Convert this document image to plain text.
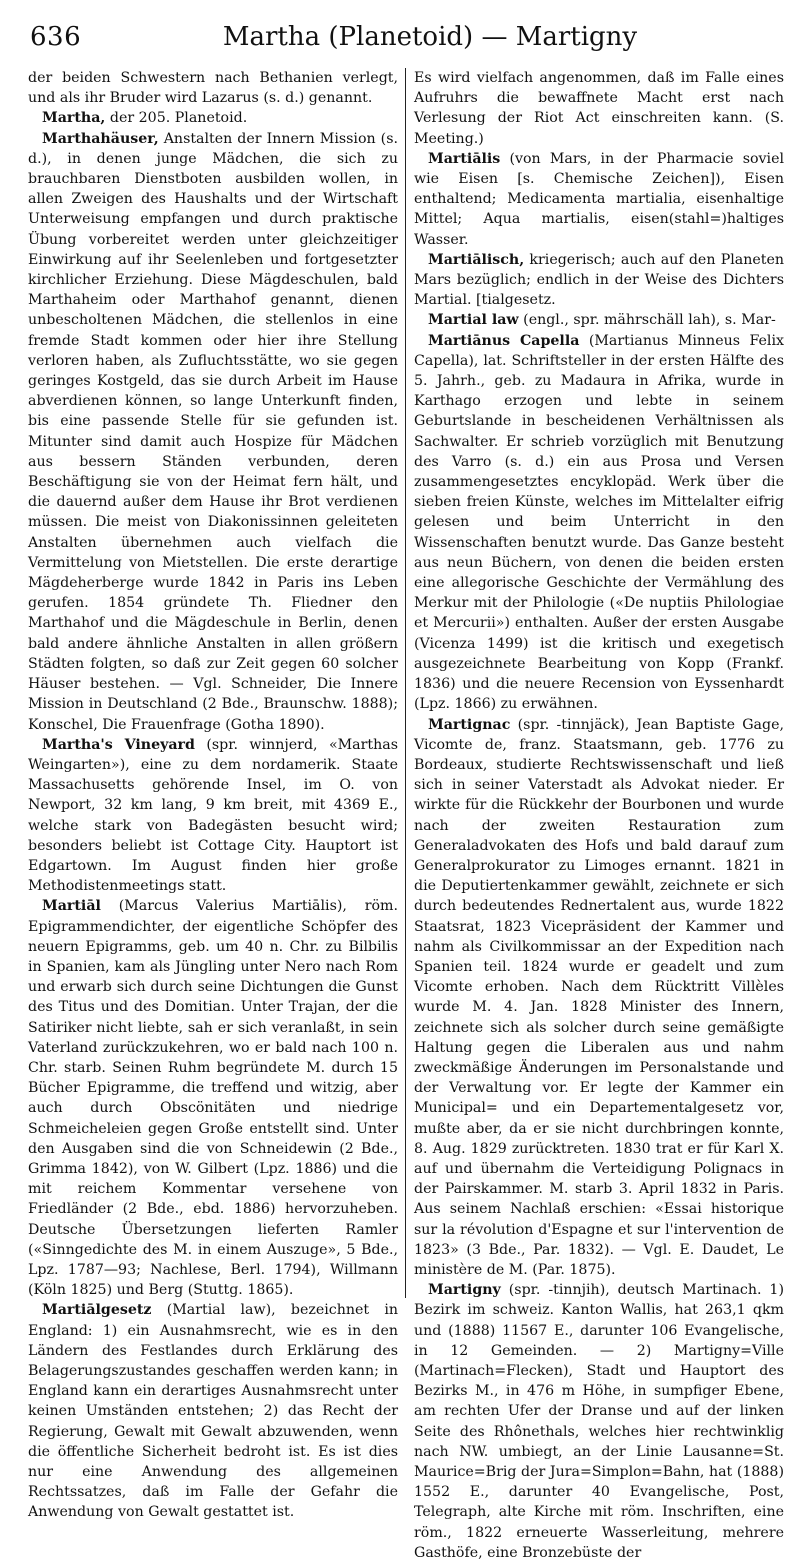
636	Martha (Planetoid) — Martigny

der beiden Schwestern nach Bethanien verlegt, und als ihr Bruder wird Lazarus (s. d.) genannt.

Martha, der 205. Planetoid.

Marthahäuser, Anstalten der Innern Mission (s. d.), in denen junge Mädchen, die sich zu brauchbaren Dienstboten ausbilden wollen, in allen Zweigen des Haushalts und der Wirtschaft Unterweisung empfangen und durch praktische Übung vorbereitet werden unter gleichzeitiger Einwirkung auf ihr Seelenleben und fortgesetzter kirchlicher Erziehung. Diese Mägdeschulen, bald Marthaheim oder Marthahof genannt, dienen unbescholtenen Mädchen, die stellenlos in eine fremde Stadt kommen oder hier ihre Stellung verloren haben, als Zufluchtsstätte, wo sie gegen geringes Kostgeld, das sie durch Arbeit im Hause abverdienen können, so lange Unterkunft finden, bis eine passende Stelle für sie gefunden ist. Mitunter sind damit auch Hospize für Mädchen aus bessern Ständen verbunden, deren Beschäftigung sie von der Heimat fern hält, und die dauernd außer dem Hause ihr Brot verdienen müssen. Die meist von Diakonissinnen geleiteten Anstalten übernehmen auch vielfach die Vermittelung von Mietstellen. Die erste derartige Mägdeherberge wurde 1842 in Paris ins Leben gerufen. 1854 gründete Th. Fliedner den Marthahof und die Mägdeschule in Berlin, denen bald andere ähnliche Anstalten in allen größern Städten folgten, so daß zur Zeit gegen 60 solcher Häuser bestehen. — Vgl. Schneider, Die Innere Mission in Deutschland (2 Bde., Braunschw. 1888); Konschel, Die Frauenfrage (Gotha 1890).

Martha's Vineyard (spr. winnjerd, «Marthas Weingarten»), eine zu dem nordamerik. Staate Massachusetts gehörende Insel, im O. von Newport, 32 km lang, 9 km breit, mit 4369 E., welche stark von Badegästen besucht wird; besonders beliebt ist Cottage City. Hauptort ist Edgartown. Im August finden hier große Methodistenmeetings statt.

Martiāl (Marcus Valerius Martiālis), röm. Epigrammendichter, der eigentliche Schöpfer des neuern Epigramms, geb. um 40 n. Chr. zu Bilbilis in Spanien, kam als Jüngling unter Nero nach Rom und erwarb sich durch seine Dichtungen die Gunst des Titus und des Domitian. Unter Trajan, der die Satiriker nicht liebte, sah er sich veranlaßt, in sein Vaterland zurückzukehren, wo er bald nach 100 n. Chr. starb. Seinen Ruhm begründete M. durch 15 Bücher Epigramme, die treffend und witzig, aber auch durch Obscönitäten und niedrige Schmeicheleien gegen Große entstellt sind. Unter den Ausgaben sind die von Schneidewin (2 Bde., Grimma 1842), von W. Gilbert (Lpz. 1886) und die mit reichem Kommentar versehene von Friedländer (2 Bde., ebd. 1886) hervorzuheben. Deutsche Übersetzungen lieferten Ramler («Sinngedichte des M. in einem Auszuge», 5 Bde., Lpz. 1787—93; Nachlese, Berl. 1794), Willmann (Köln 1825) und Berg (Stuttg. 1865).

Martiālgesetz (Martial law), bezeichnet in England: 1) ein Ausnahmsrecht, wie es in den Ländern des Festlandes durch Erklärung des Belagerungszustandes geschaffen werden kann; in England kann ein derartiges Ausnahmsrecht unter keinen Umständen entstehen; 2) das Recht der Regierung, Gewalt mit Gewalt abzuwenden, wenn die öffentliche Sicherheit bedroht ist. Es ist dies nur eine Anwendung des allgemeinen Rechtssatzes, daß im Falle der Gefahr die Anwendung von Gewalt gestattet ist.

Es wird vielfach angenommen, daß im Falle eines Aufruhrs die bewaffnete Macht erst nach Verlesung der Riot Act einschreiten kann. (S. Meeting.)

Martiālis (von Mars, in der Pharmacie soviel wie Eisen [s. Chemische Zeichen]), Eisen enthaltend; Medicamenta martialia, eisenhaltige Mittel; Aqua martialis, eisen(stahl=)haltiges Wasser.

Martiālisch, kriegerisch; auch auf den Planeten Mars bezüglich; endlich in der Weise des Dichters Martial. [tialgesetz.

Martial law (engl., spr. mährschäll lah), s. Mar-

Martiānus Capella (Martianus Minneus Felix Capella), lat. Schriftsteller in der ersten Hälfte des 5. Jahrh., geb. zu Madaura in Afrika, wurde in Karthago erzogen und lebte in seinem Geburtslande in bescheidenen Verhältnissen als Sachwalter. Er schrieb vorzüglich mit Benutzung des Varro (s. d.) ein aus Prosa und Versen zusammengesetztes encyklopäd. Werk über die sieben freien Künste, welches im Mittelalter eifrig gelesen und beim Unterricht in den Wissenschaften benutzt wurde. Das Ganze besteht aus neun Büchern, von denen die beiden ersten eine allegorische Geschichte der Vermählung des Merkur mit der Philologie («De nuptiis Philologiae et Mercurii») enthalten. Außer der ersten Ausgabe (Vicenza 1499) ist die kritisch und exegetisch ausgezeichnete Bearbeitung von Kopp (Frankf. 1836) und die neuere Recension von Eyssenhardt (Lpz. 1866) zu erwähnen.

Martignac (spr. -tinnjäck), Jean Baptiste Gage, Vicomte de, franz. Staatsmann, geb. 1776 zu Bordeaux, studierte Rechtswissenschaft und ließ sich in seiner Vaterstadt als Advokat nieder. Er wirkte für die Rückkehr der Bourbonen und wurde nach der zweiten Restauration zum Generaladvokaten des Hofs und bald darauf zum Generalprokurator zu Limoges ernannt. 1821 in die Deputiertenkammer gewählt, zeichnete er sich durch bedeutendes Rednertalent aus, wurde 1822 Staatsrat, 1823 Vicepräsident der Kammer und nahm als Civilkommissar an der Expedition nach Spanien teil. 1824 wurde er geadelt und zum Vicomte erhoben. Nach dem Rücktritt Villèles wurde M. 4. Jan. 1828 Minister des Innern, zeichnete sich als solcher durch seine gemäßigte Haltung gegen die Liberalen aus und nahm zweckmäßige Änderungen im Personalstande und der Verwaltung vor. Er legte der Kammer ein Municipal= und ein Departementalgesetz vor, mußte aber, da er sie nicht durchbringen konnte, 8. Aug. 1829 zurücktreten. 1830 trat er für Karl X. auf und übernahm die Verteidigung Polignacs in der Pairskammer. M. starb 3. April 1832 in Paris. Aus seinem Nachlaß erschien: «Essai historique sur la révolution d'Espagne et sur l'intervention de 1823» (3 Bde., Par. 1832). — Vgl. E. Daudet, Le ministère de M. (Par. 1875).

Martigny (spr. -tinnjih), deutsch Martinach. 1) Bezirk im schweiz. Kanton Wallis, hat 263,1 qkm und (1888) 11567 E., darunter 106 Evangelische, in 12 Gemeinden. — 2) Martigny=Ville (Martinach=Flecken), Stadt und Hauptort des Bezirks M., in 476 m Höhe, in sumpfiger Ebene, am rechten Ufer der Dranse und auf der linken Seite des Rhônethals, welches hier rechtwinklig nach NW. umbiegt, an der Linie Lausanne=St. Maurice=Brig der Jura=Simplon=Bahn, hat (1888) 1552 E., darunter 40 Evangelische, Post, Telegraph, alte Kirche mit röm. Inschriften, eine röm., 1822 erneuerte Wasserleitung, mehrere Gasthöfe, eine Bronzebüste der
